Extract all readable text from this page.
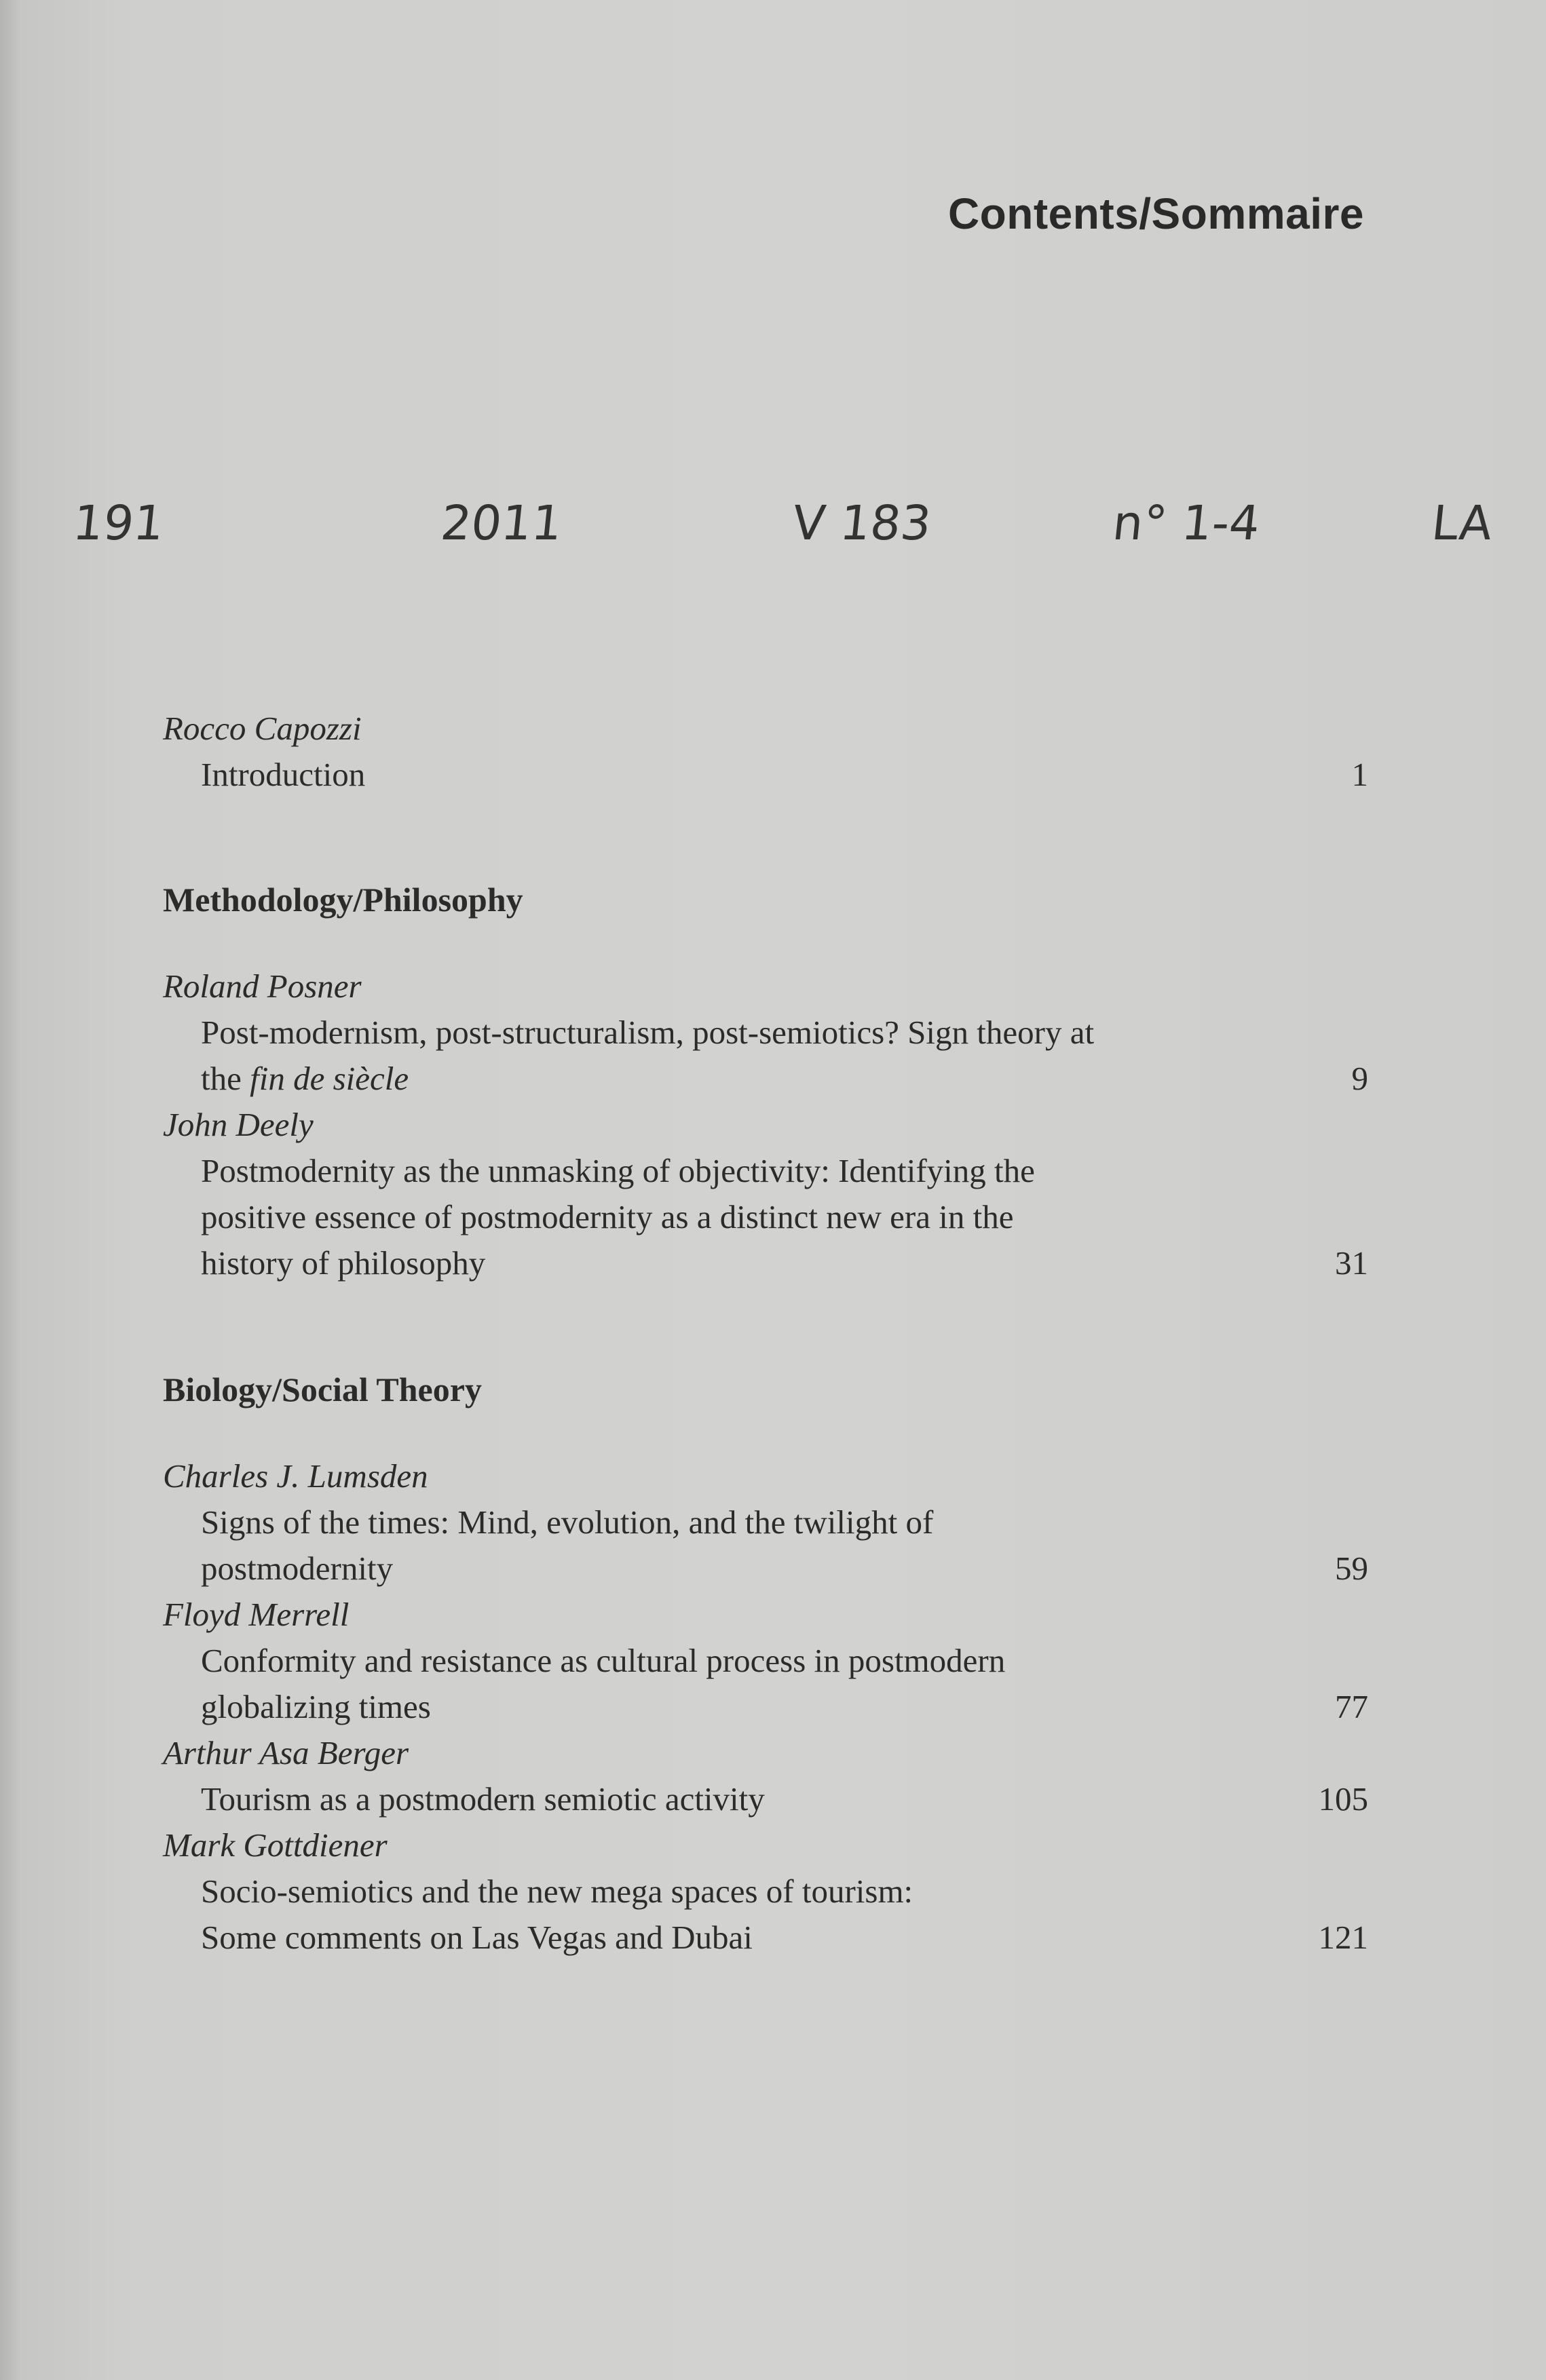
Contents/Sommaire
191	2011	V 183	n° 1-4	LA
Rocco Capozzi
Introduction	1
Methodology/Philosophy
Roland Posner
Post-modernism, post-structuralism, post-semiotics? Sign theory at
the fin de siècle	9
John Deely
Postmodernity as the unmasking of objectivity: Identifying the
positive essence of postmodernity as a distinct new era in the
history of philosophy	31
Biology/Social Theory
Charles J. Lumsden
Signs of the times: Mind, evolution, and the twilight of
postmodernity	59
Floyd Merrell
Conformity and resistance as cultural process in postmodern
globalizing times	77
Arthur Asa Berger
Tourism as a postmodern semiotic activity	105
Mark Gottdiener
Socio-semiotics and the new mega spaces of tourism:
Some comments on Las Vegas and Dubai	121
